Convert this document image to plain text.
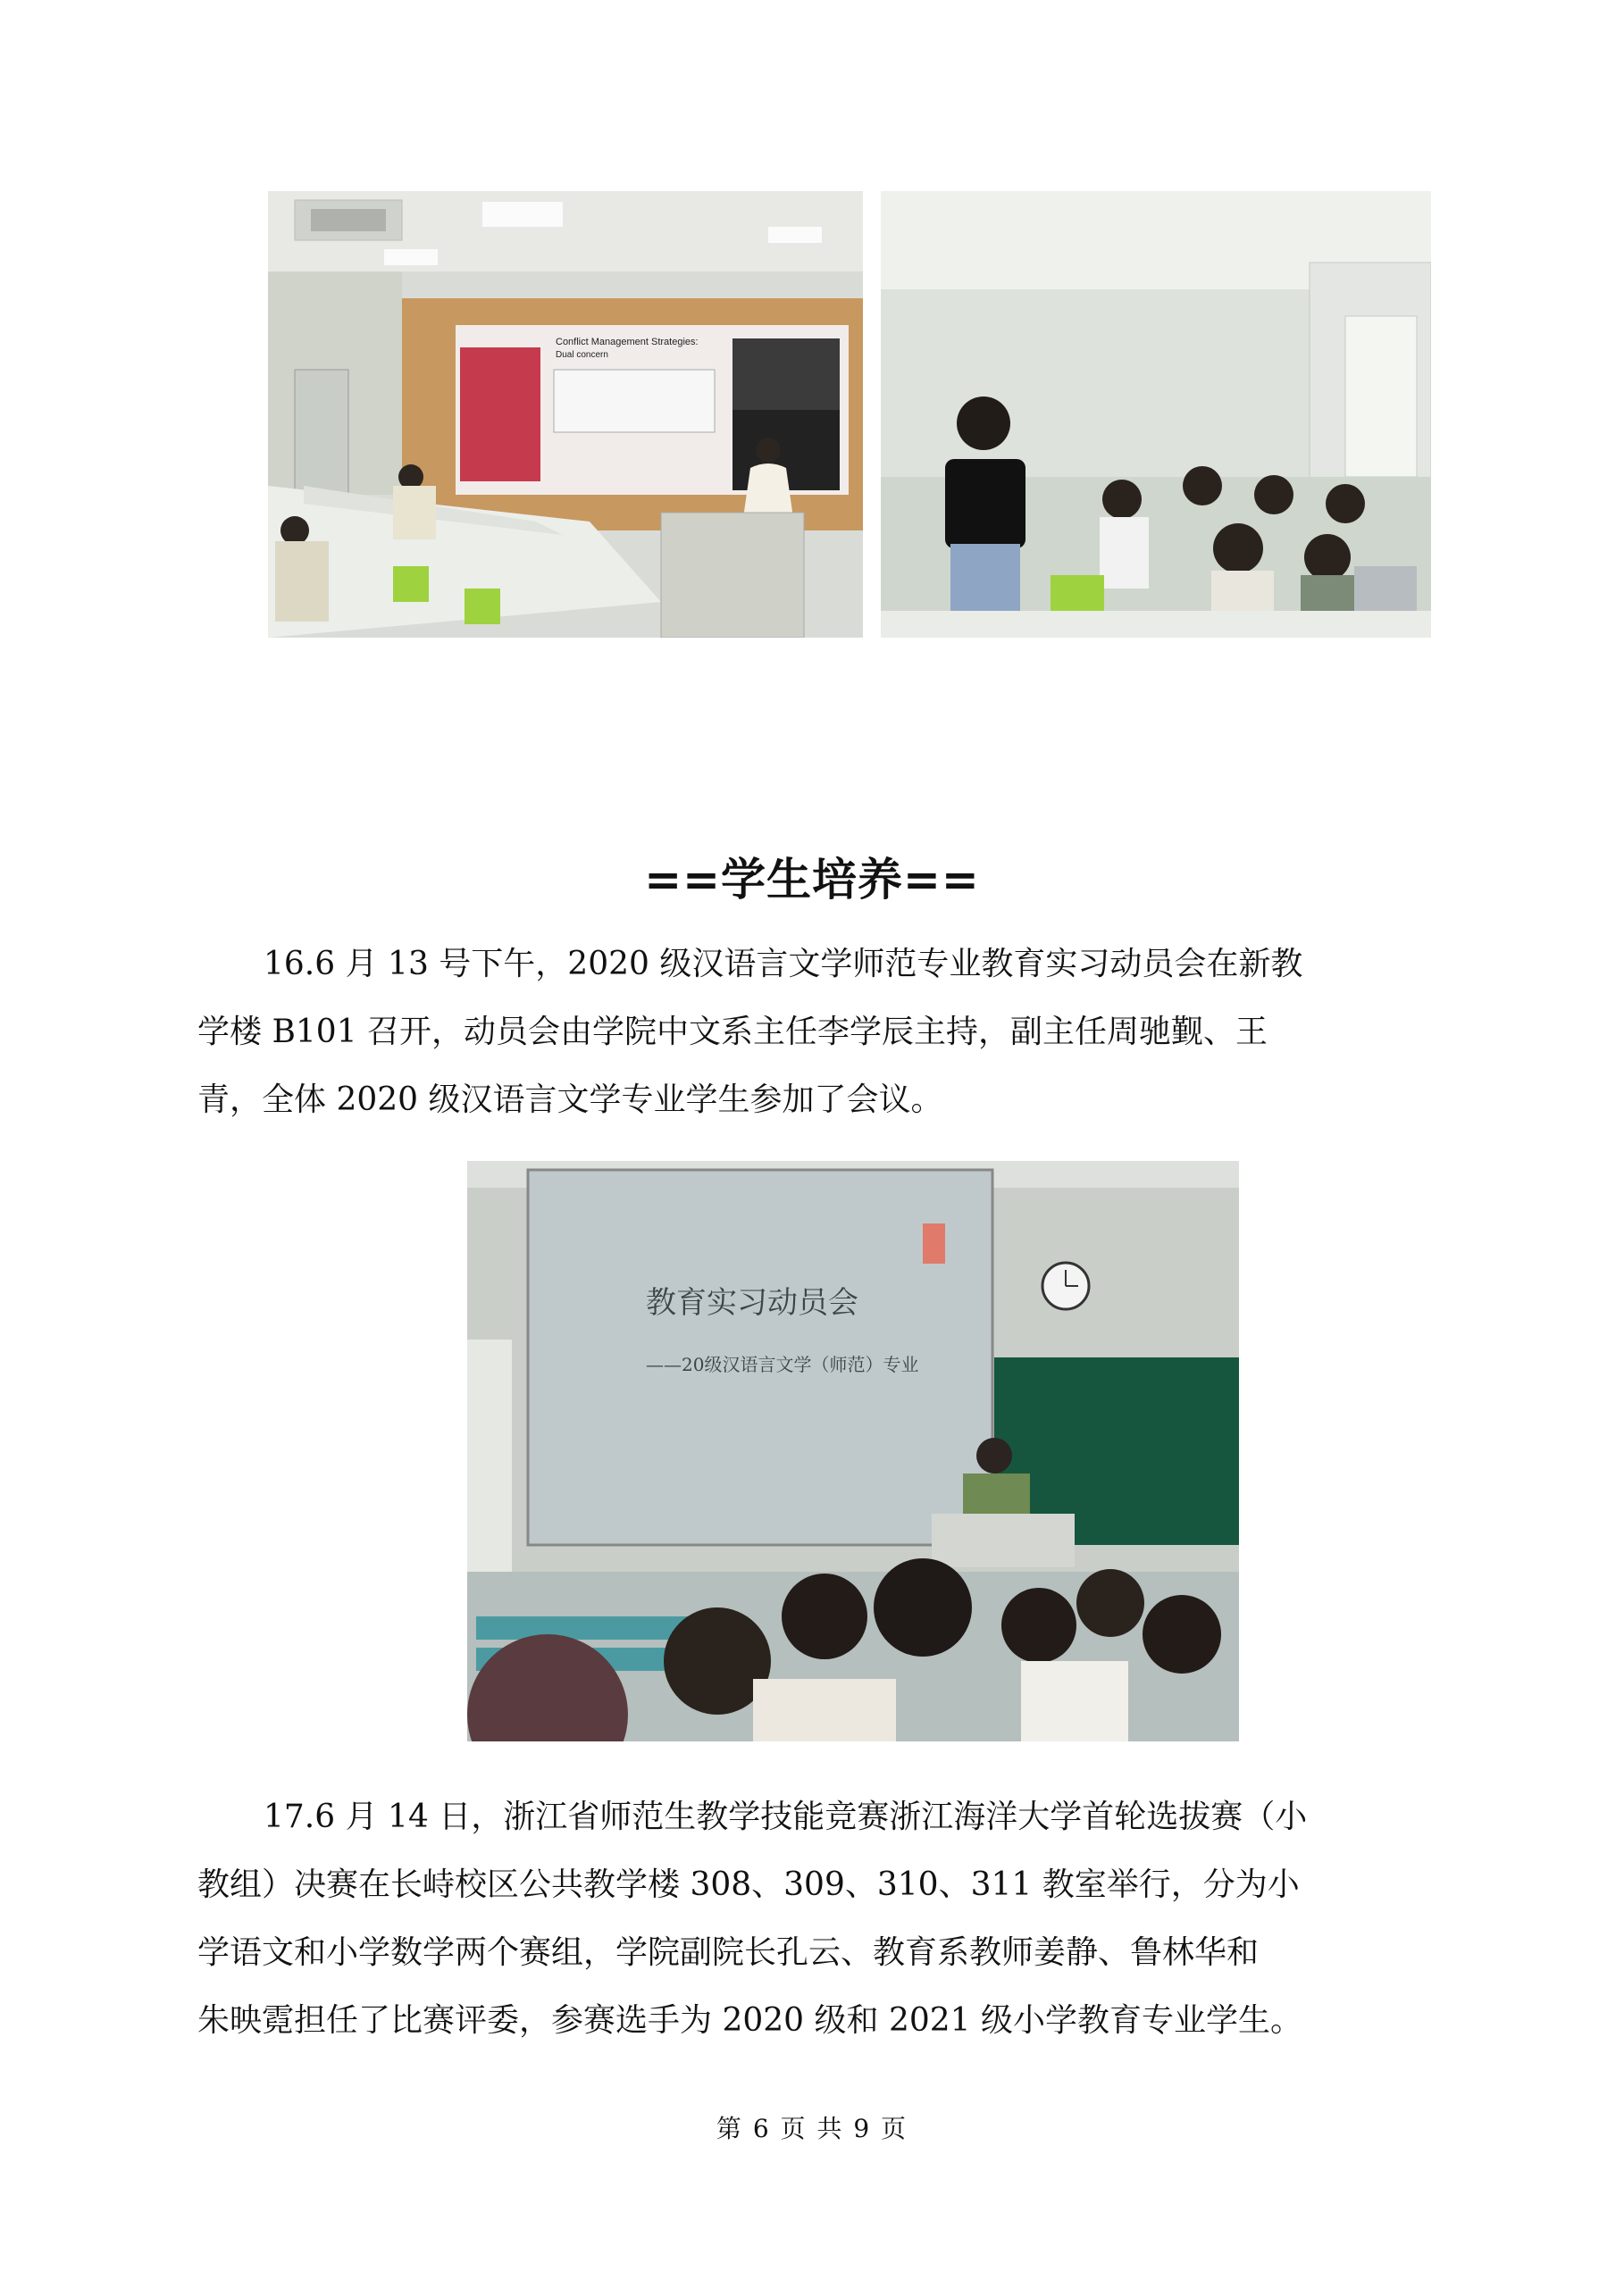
Conflict Management Strategies:
Dual concern
==学生培养==

16.6 月 13 号下午，2020 级汉语言文学师范专业教育实习动员会在新教
学楼 B101 召开，动员会由学院中文系主任李学辰主持，副主任周驰觐、王
青，全体 2020 级汉语言文学专业学生参加了会议。

教育实习动员会
——20级汉语言文学（师范）专业

17.6 月 14 日，浙江省师范生教学技能竞赛浙江海洋大学首轮选拔赛（小
教组）决赛在长峙校区公共教学楼 308、309、310、311 教室举行，分为小
学语文和小学数学两个赛组，学院副院长孔云、教育系教师姜静、鲁林华和
朱映霓担任了比赛评委，参赛选手为 2020 级和 2021 级小学教育专业学生。

第 6 页 共 9 页
